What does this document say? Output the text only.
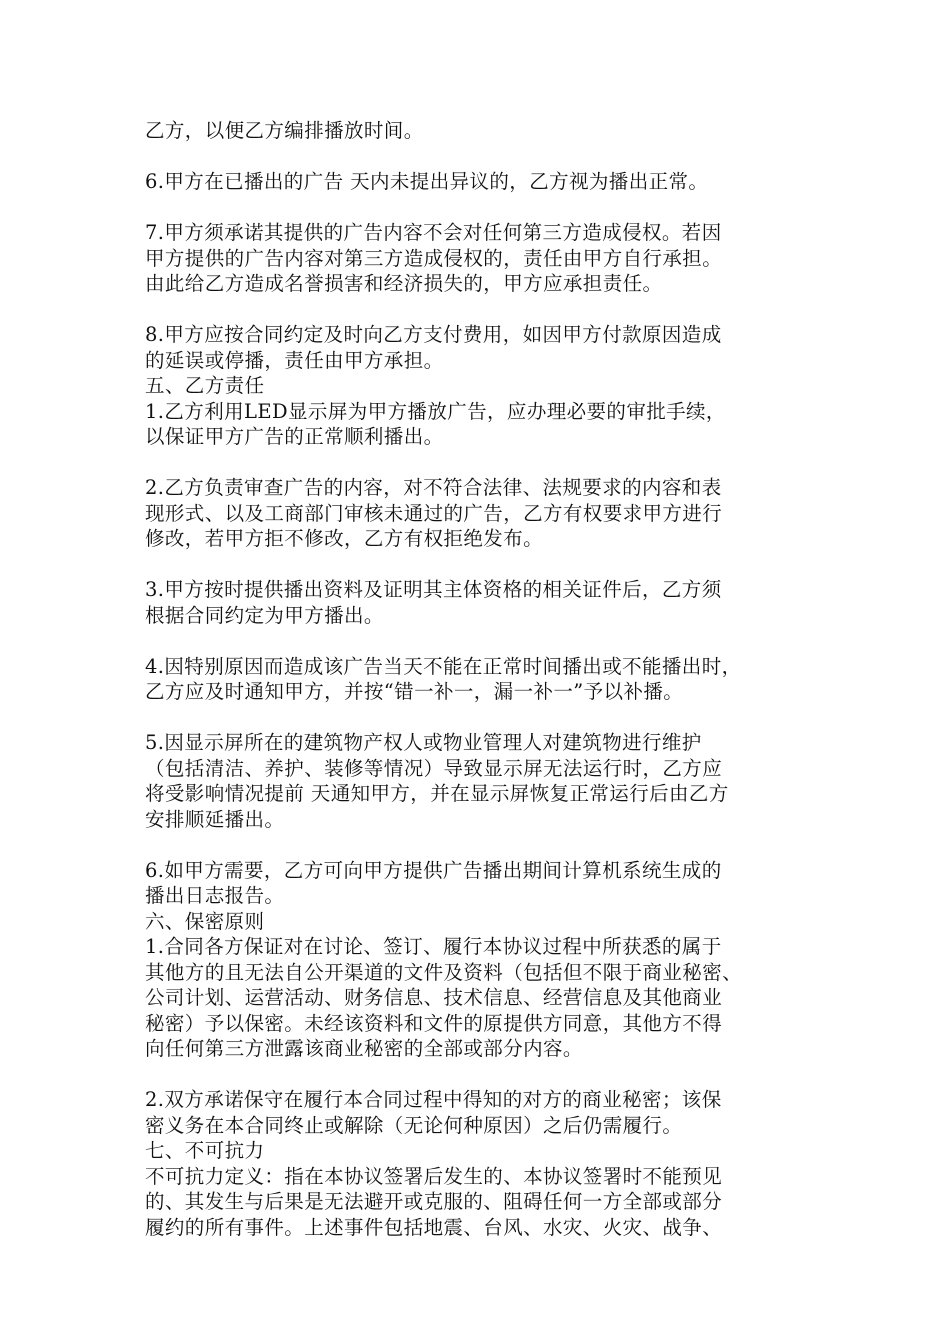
乙方，以便乙方编排播放时间。

6.甲方在已播出的广告 天内未提出异议的，乙方视为播出正常。

7.甲方须承诺其提供的广告内容不会对任何第三方造成侵权。若因
甲方提供的广告内容对第三方造成侵权的，责任由甲方自行承担。
由此给乙方造成名誉损害和经济损失的，甲方应承担责任。

8.甲方应按合同约定及时向乙方支付费用，如因甲方付款原因造成
的延误或停播，责任由甲方承担。

五、乙方责任

1.乙方利用LED显示屏为甲方播放广告，应办理必要的审批手续，
以保证甲方广告的正常顺利播出。

2.乙方负责审查广告的内容，对不符合法律、法规要求的内容和表
现形式、以及工商部门审核未通过的广告，乙方有权要求甲方进行
修改，若甲方拒不修改，乙方有权拒绝发布。

3.甲方按时提供播出资料及证明其主体资格的相关证件后，乙方须
根据合同约定为甲方播出。

4.因特别原因而造成该广告当天不能在正常时间播出或不能播出时，
乙方应及时通知甲方，并按“错一补一，漏一补一”予以补播。

5.因显示屏所在的建筑物产权人或物业管理人对建筑物进行维护
（包括清洁、养护、装修等情况）导致显示屏无法运行时，乙方应
将受影响情况提前 天通知甲方，并在显示屏恢复正常运行后由乙方
安排顺延播出。

6.如甲方需要，乙方可向甲方提供广告播出期间计算机系统生成的
播出日志报告。

六、保密原则

1.合同各方保证对在讨论、签订、履行本协议过程中所获悉的属于
其他方的且无法自公开渠道的文件及资料（包括但不限于商业秘密、
公司计划、运营活动、财务信息、技术信息、经营信息及其他商业
秘密）予以保密。未经该资料和文件的原提供方同意，其他方不得
向任何第三方泄露该商业秘密的全部或部分内容。

2.双方承诺保守在履行本合同过程中得知的对方的商业秘密；该保
密义务在本合同终止或解除（无论何种原因）之后仍需履行。

七、不可抗力

不可抗力定义：指在本协议签署后发生的、本协议签署时不能预见
的、其发生与后果是无法避开或克服的、阻碍任何一方全部或部分
履约的所有事件。上述事件包括地震、台风、水灾、火灾、战争、
